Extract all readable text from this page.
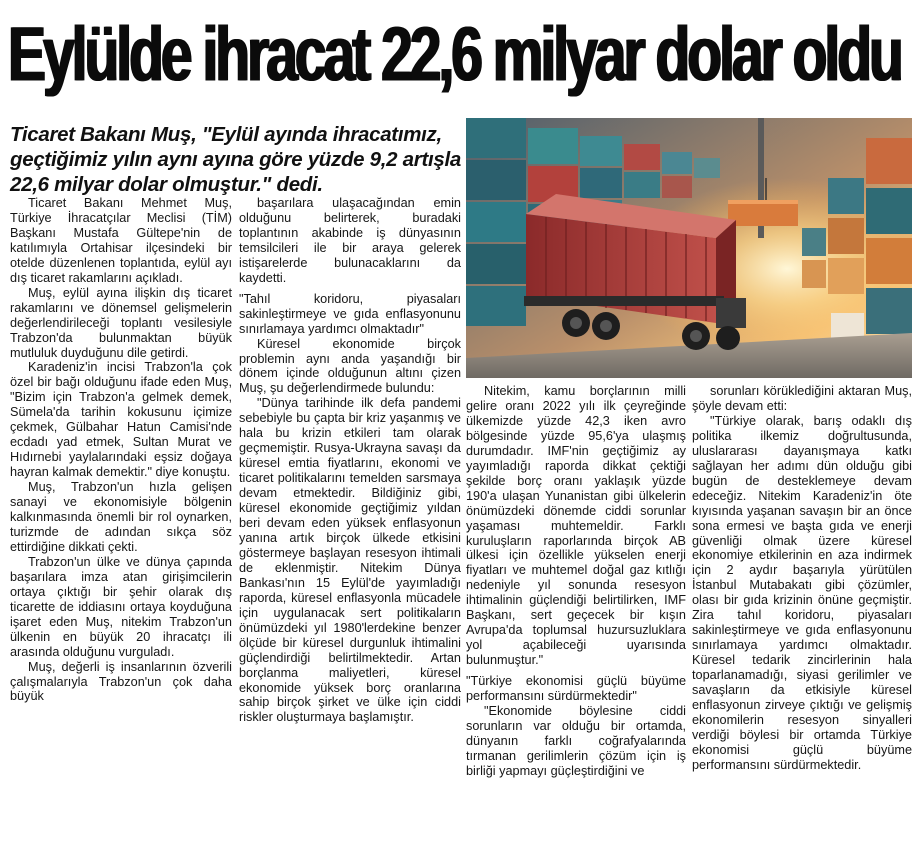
Eylülde ihracat 22,6 milyar dolar oldu
Ticaret Bakanı Muş, "Eylül ayında ihracatımız, geçtiğimiz yılın aynı ayına göre yüzde 9,2 artışla 22,6 milyar dolar olmuştur." dedi.

Ticaret Bakanı Mehmet Muş, Türkiye İhracatçılar Meclisi (TİM) Başkanı Mustafa Gültepe'nin de katılımıyla Ortahisar ilçesindeki bir otelde düzenlenen toplantıda, eylül ayı dış ticaret rakamlarını açıkladı.

Muş, eylül ayına ilişkin dış ticaret rakamlarını ve dönemsel gelişmelerin değerlendirileceği toplantı vesilesiyle Trabzon'da bulunmaktan büyük mutluluk duyduğunu dile getirdi.

Karadeniz'in incisi Trabzon'la çok özel bir bağı olduğunu ifade eden Muş, "Bizim için Trabzon'a gelmek demek, Sümela'da tarihin kokusunu içimize çekmek, Gülbahar Hatun Camisi'nde ecdadı yad etmek, Sultan Murat ve Hıdırnebi yaylalarındaki eşsiz doğaya hayran kalmak demektir." diye konuştu.

Muş, Trabzon'un hızla gelişen sanayi ve ekonomisiyle bölgenin kalkınmasında önemli bir rol oynarken, turizmde de adından sıkça söz ettirdiğine dikkati çekti.

Trabzon'un ülke ve dünya çapında başarılara imza atan girişimcilerin ortaya çıktığı bir şehir olarak dış ticarette de iddiasını ortaya koyduğuna işaret eden Muş, nitekim Trabzon'un ülkenin en büyük 20 ihracatçı ili arasında olduğunu vurguladı.

Muş, değerli iş insanlarının özverili çalışmalarıyla Trabzon'un çok daha büyük

başarılara ulaşacağından emin olduğunu belirterek, buradaki toplantının akabinde iş dünyasının temsilcileri ile bir araya gelerek istişarelerde bulunacaklarını da kaydetti.

"Tahıl koridoru, piyasaları sakinleştirmeye ve gıda enflasyonunu sınırlamaya yardımcı olmaktadır"

Küresel ekonomide birçok problemin aynı anda yaşandığı bir dönem içinde olduğunun altını çizen Muş, şu değerlendirmede bulundu:

"Dünya tarihinde ilk defa pandemi sebebiyle bu çapta bir kriz yaşanmış ve hala bu krizin etkileri tam olarak geçmemiştir. Rusya-Ukrayna savaşı da küresel emtia fiyatlarını, ekonomi ve ticaret politikalarını temelden sarsmaya devam etmektedir. Bildiğiniz gibi, küresel ekonomide geçtiğimiz yıldan beri devam eden yüksek enflasyonun yanına artık birçok ülkede etkisini göstermeye başlayan resesyon ihtimali de eklenmiştir. Nitekim Dünya Bankası'nın 15 Eylül'de yayımladığı raporda, küresel enflasyonla mücadele için uygulanacak sert politikaların önümüzdeki yıl 1980'lerdekine benzer ölçüde bir küresel durgunluk ihtimalini güçlendirdiği belirtilmektedir. Artan borçlanma maliyetleri, küresel ekonomide yüksek borç oranlarına sahip birçok şirket ve ülke için ciddi riskler oluşturmaya başlamıştır.

Nitekim, kamu borçlarının milli gelire oranı 2022 yılı ilk çeyreğinde ülkemizde yüzde 42,3 iken avro bölgesinde yüzde 95,6'ya ulaşmış durumdadır. IMF'nin geçtiğimiz ay yayımladığı raporda dikkat çektiği şekilde borç oranı yaklaşık yüzde 190'a ulaşan Yunanistan gibi ülkelerin önümüzdeki dönemde ciddi sorunlar yaşaması muhtemeldir. Farklı kuruluşların raporlarında birçok AB ülkesi için özellikle yükselen enerji fiyatları ve muhtemel doğal gaz kıtlığı nedeniyle yıl sonunda resesyon ihtimalinin güçlendiği belirtilirken, IMF Başkanı, sert geçecek bir kışın Avrupa'da toplumsal huzursuzluklara yol açabileceği uyarısında bulunmuştur."

"Türkiye ekonomisi güçlü büyüme performansını sürdürmektedir"

"Ekonomide böylesine ciddi sorunların var olduğu bir ortamda, dünyanın farklı coğrafyalarında tırmanan gerilimlerin çözüm için iş birliği yapmayı güçleştirdiğini ve

sorunları körüklediğini aktaran Muş, şöyle devam etti:

"Türkiye olarak, barış odaklı dış politika ilkemiz doğrultusunda, uluslararası dayanışmaya katkı sağlayan her adımı dün olduğu gibi bugün de desteklemeye devam edeceğiz. Nitekim Karadeniz'in öte kıyısında yaşanan savaşın bir an önce sona ermesi ve başta gıda ve enerji güvenliği olmak üzere küresel ekonomiye etkilerinin en aza indirmek için 2 aydır başarıyla yürütülen İstanbul Mutabakatı gibi çözümler, olası bir gıda krizinin önüne geçmiştir. Zira tahıl koridoru, piyasaları sakinleştirmeye ve gıda enflasyonunu sınırlamaya yardımcı olmaktadır. Küresel tedarik zincirlerinin hala toparlanamadığı, siyasi gerilimler ve savaşların da etkisiyle küresel enflasyonun zirveye çıktığı ve gelişmiş ekonomilerin resesyon sinyalleri verdiği böylesi bir ortamda Türkiye ekonomisi güçlü büyüme performansını sürdürmektedir.
